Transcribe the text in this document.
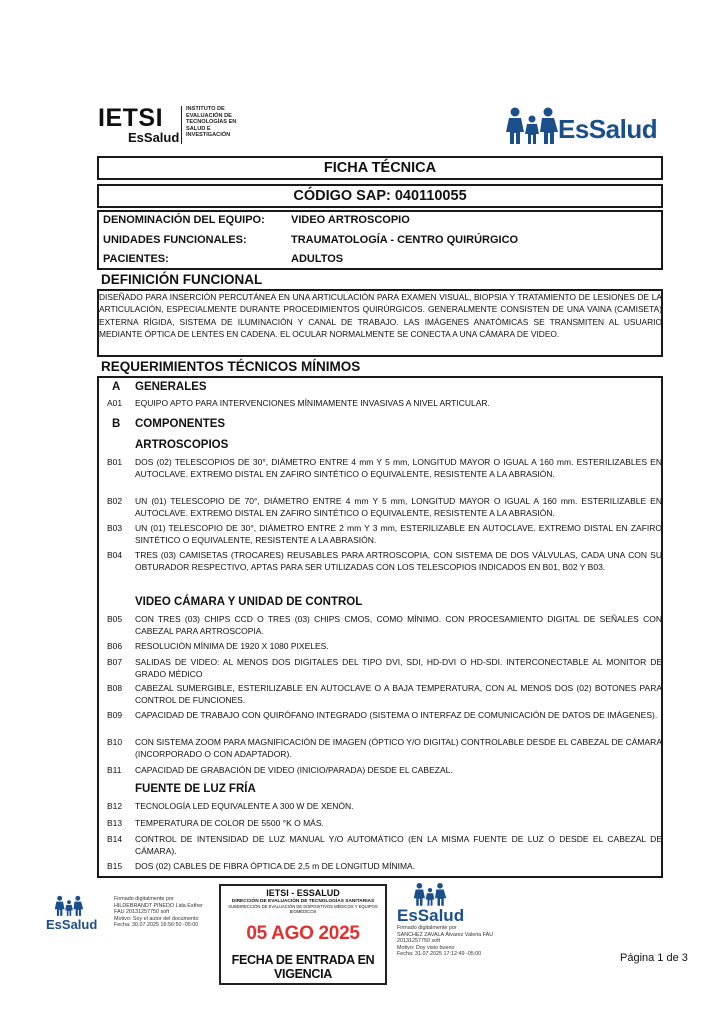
IETSI
EsSalud
INSTITUTO DE
EVALUACIÓN DE
TECNOLOGÍAS EN
SALUD E
INVESTIGACIÓN	EsSalud
FICHA TÉCNICA
CÓDIGO SAP: 040110055
DENOMINACIÓN DEL EQUIPO: VIDEO ARTROSCOPIO
UNIDADES FUNCIONALES:	TRAUMATOLOGÍA - CENTRO QUIRÚRGICO
PACIENTES:	ADULTOS
DEFINICIÓN FUNCIONAL
DISEÑADO PARA INSERCIÓN PERCUTÁNEA EN UNA ARTICULACIÓN PARA EXAMEN VISUAL, BIOPSIA Y TRATAMIENTO DE LESIONES DE LA ARTICULACIÓN, ESPECIALMENTE DURANTE PROCEDIMIENTOS QUIRÚRGICOS. GENERALMENTE CONSISTEN DE UNA VAINA (CAMISETA) EXTERNA RÍGIDA, SISTEMA DE ILUMINACIÓN Y CANAL DE TRABAJO. LAS IMÁGENES ANATÓMICAS SE TRANSMITEN AL USUARIO MEDIANTE ÓPTICA DE LENTES EN CADENA. EL OCULAR NORMALMENTE SE CONECTA A UNA CÁMARA DE VIDEO.
REQUERIMIENTOS TÉCNICOS MÍNIMOS
A GENERALES
A01 EQUIPO APTO PARA INTERVENCIONES MÍNIMAMENTE INVASIVAS A NIVEL ARTICULAR.
B COMPONENTES
ARTROSCOPIOS
B01 DOS (02) TELESCOPIOS DE 30°, DIÁMETRO ENTRE 4 mm Y 5 mm, LONGITUD MAYOR O IGUAL A 160 mm. ESTERILIZABLES EN AUTOCLAVE. EXTREMO DISTAL EN ZAFIRO SINTÉTICO O EQUIVALENTE, RESISTENTE A LA ABRASIÓN.
B02 UN (01) TELESCOPIO DE 70°, DIÁMETRO ENTRE 4 mm Y 5 mm, LONGITUD MAYOR O IGUAL A 160 mm. ESTERILIZABLE EN AUTOCLAVE. EXTREMO DISTAL EN ZAFIRO SINTÉTICO O EQUIVALENTE, RESISTENTE A LA ABRASIÓN.
B03 UN (01) TELESCOPIO DE 30°, DIÁMETRO ENTRE 2 mm Y 3 mm, ESTERILIZABLE EN AUTOCLAVE. EXTREMO DISTAL EN ZAFIRO SINTÉTICO O EQUIVALENTE, RESISTENTE A LA ABRASIÓN.
B04 TRES (03) CAMISETAS (TROCARES) REUSABLES PARA ARTROSCOPIA, CON SISTEMA DE DOS VÁLVULAS, CADA UNA CON SU OBTURADOR RESPECTIVO, APTAS PARA SER UTILIZADAS CON LOS TELESCOPIOS INDICADOS EN B01, B02 Y B03.
VIDEO CÁMARA Y UNIDAD DE CONTROL
B05 CON TRES (03) CHIPS CCD O TRES (03) CHIPS CMOS, COMO MÍNIMO. CON PROCESAMIENTO DIGITAL DE SEÑALES CON CABEZAL PARA ARTROSCOPIA.
B06 RESOLUCIÓN MÍNIMA DE 1920 X 1080 PIXELES.
B07 SALIDAS DE VIDEO: AL MENOS DOS DIGITALES DEL TIPO DVI, SDI, HD-DVI O HD-SDI. INTERCONECTABLE AL MONITOR DE GRADO MÉDICO
B08 CABEZAL SUMERGIBLE, ESTERILIZABLE EN AUTOCLAVE O A BAJA TEMPERATURA, CON AL MENOS DOS (02) BOTONES PARA CONTROL DE FUNCIONES.
B09 CAPACIDAD DE TRABAJO CON QUIRÓFANO INTEGRADO (SISTEMA O INTERFAZ DE COMUNICACIÓN DE DATOS DE IMÁGENES).
B10 CON SISTEMA ZOOM PARA MAGNIFICACIÓN DE IMAGEN (ÓPTICO Y/O DIGITAL) CONTROLABLE DESDE EL CABEZAL DE CÁMARA (INCORPORADO O CON ADAPTADOR).
B11 CAPACIDAD DE GRABACIÓN DE VIDEO (INICIO/PARADA) DESDE EL CABEZAL.
FUENTE DE LUZ FRÍA
B12 TECNOLOGÍA LED EQUIVALENTE A 300 W DE XENÓN.
B13 TEMPERATURA DE COLOR DE 5500 °K O MÁS.
B14 CONTROL DE INTENSIDAD DE LUZ MANUAL Y/O AUTOMÁTICO (EN LA MISMA FUENTE DE LUZ O DESDE EL CABEZAL DE CÁMARA).
B15 DOS (02) CABLES DE FIBRA ÓPTICA DE 2,5 m DE LONGITUD MÍNIMA.
EsSalud
Firmado digitalmente por
HILDEBRANDT PINEDO Lida Esther
FAU 20131257750 soft
Motivo: Soy el autor del documento
Fecha: 30.07.2025 16:56:50 -05:00
IETSI - ESSALUD
DIRECCIÓN DE EVALUACIÓN DE TECNOLOGÍAS SANITARIAS
SUBDIRECCIÓN DE EVALUACIÓN DE DISPOSITIVOS MÉDICOS Y EQUIPOS BIOMÉDICOS
05 AGO 2025
FECHA DE ENTRADA EN VIGENCIA
EsSalud
Firmado digitalmente por
SANCHEZ ZAVALA Álvarez Valeria FAU
20131257750 soft
Motivo: Doy visto bueno
Fecha: 31.07.2025 17:12:49 -05:00	Página 1 de 3
